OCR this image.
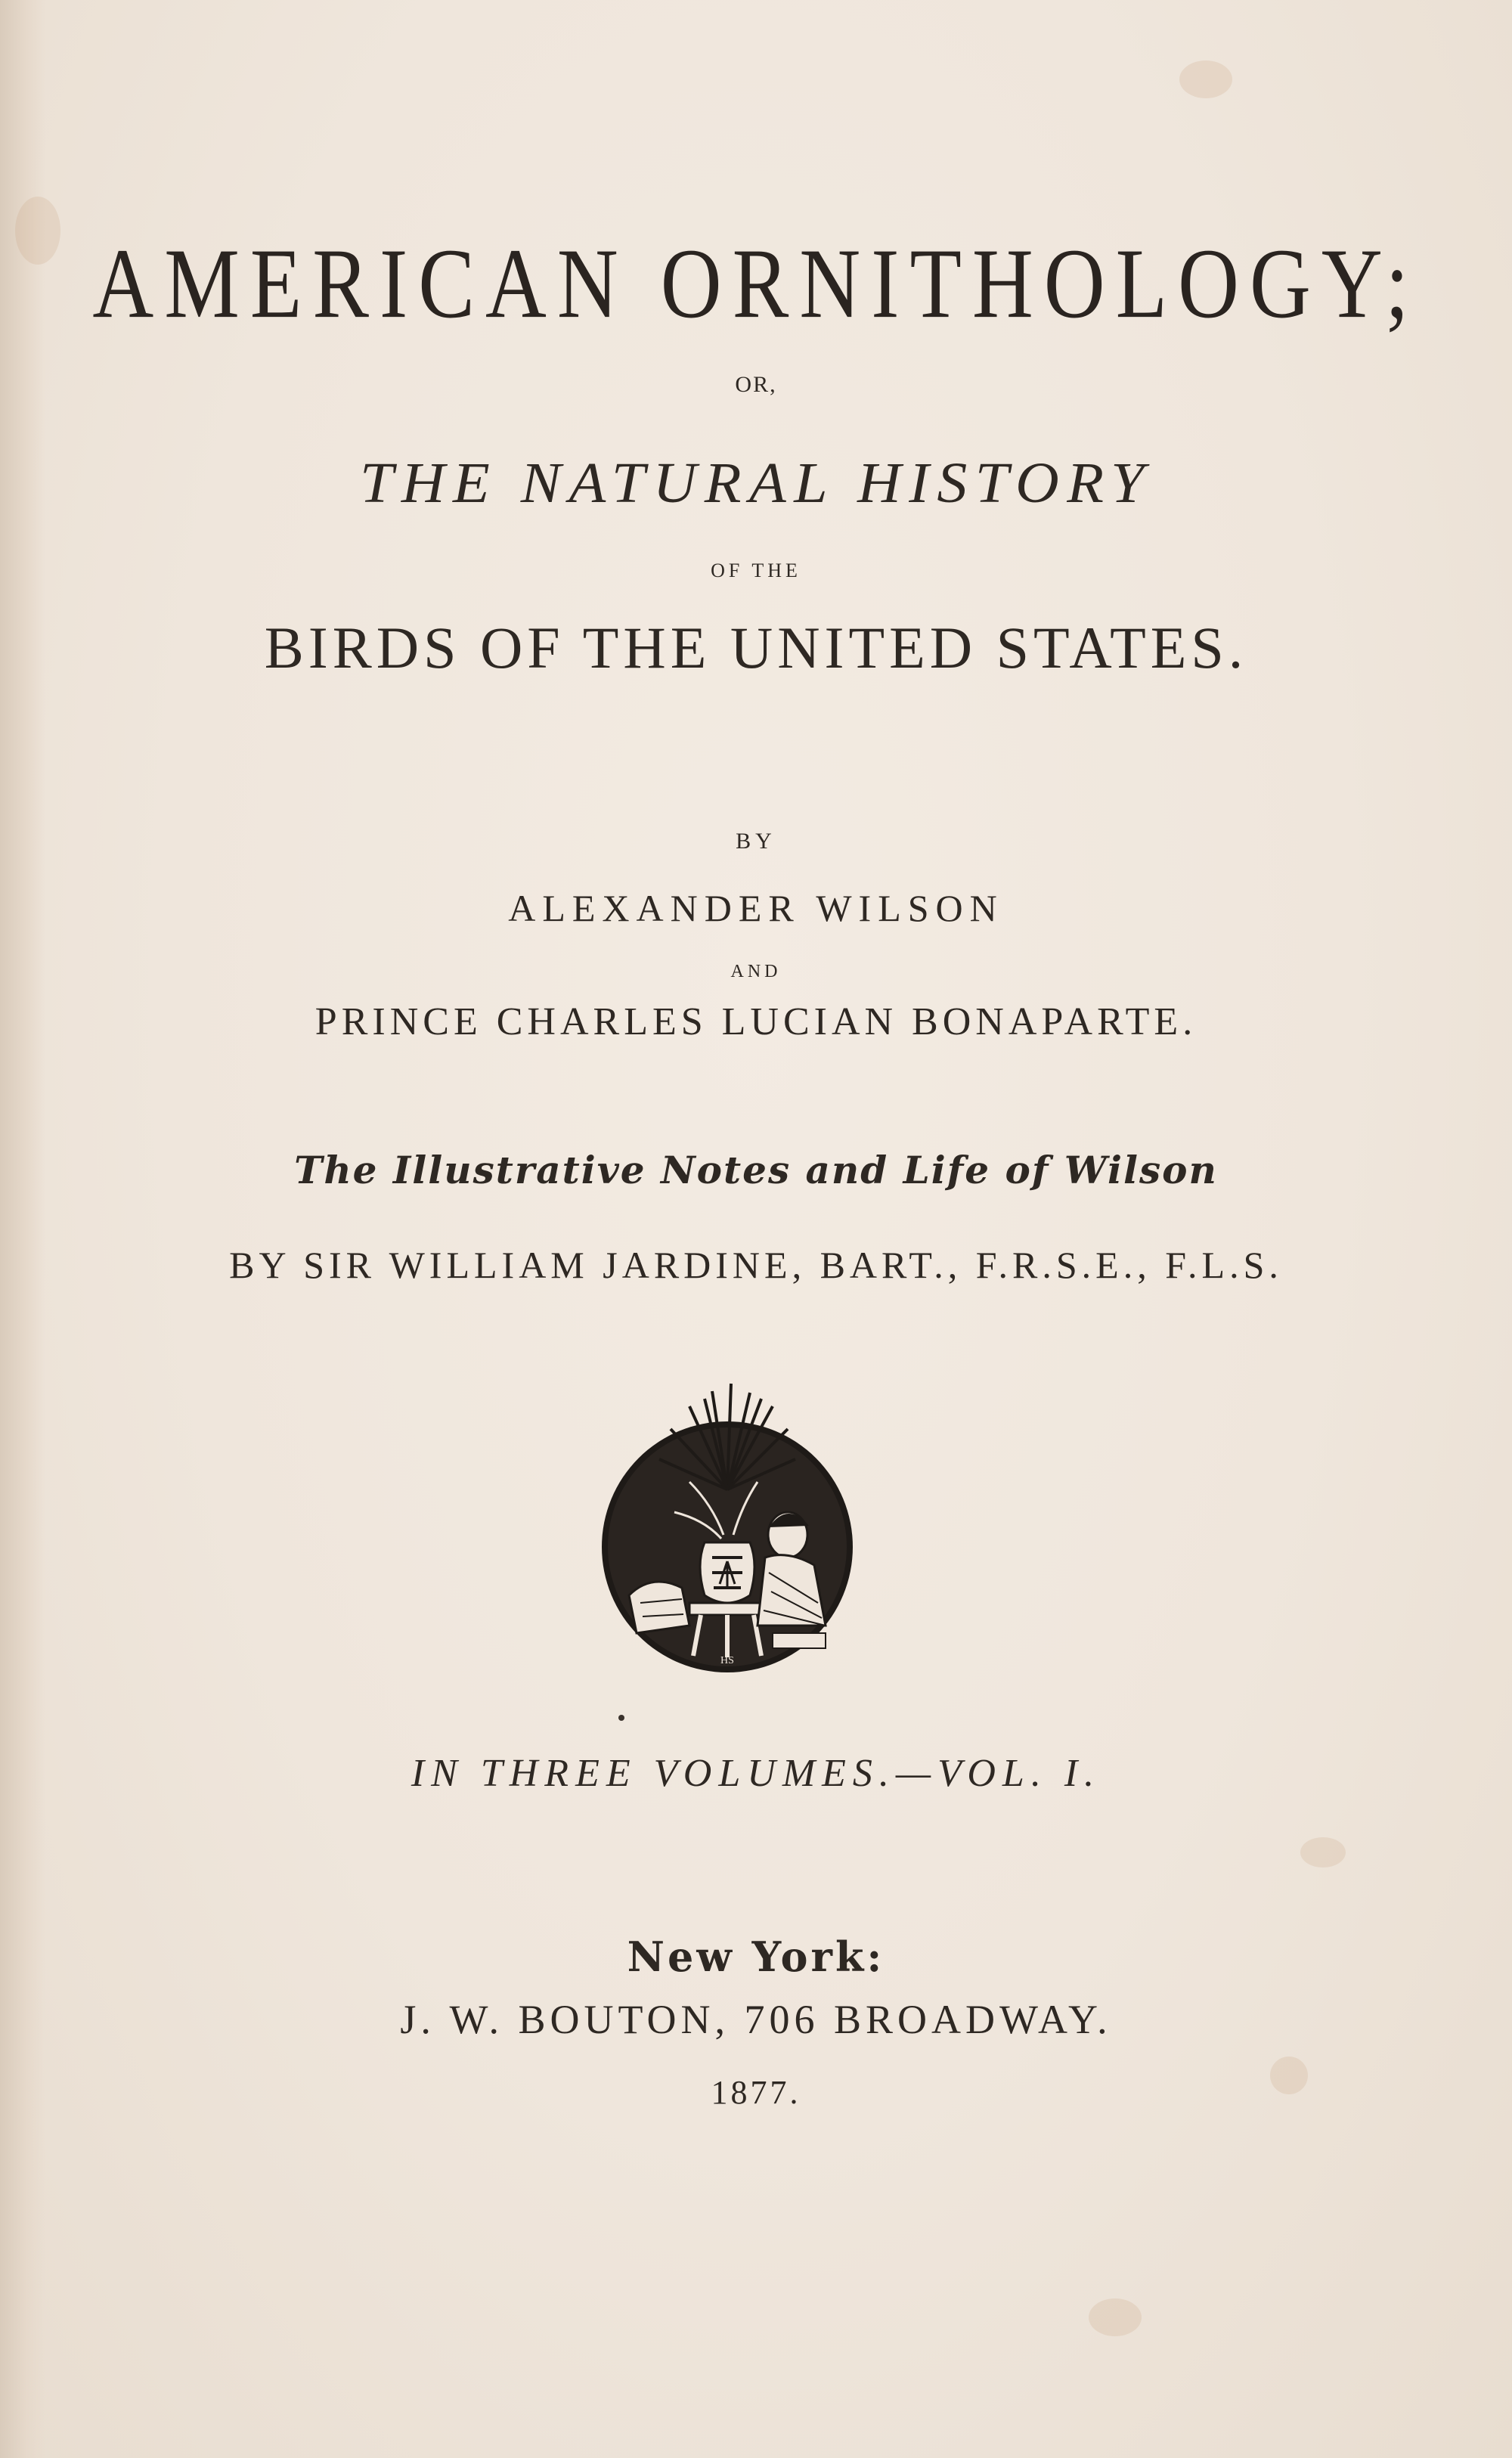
AMERICAN ORNITHOLOGY;
OR,
THE NATURAL HISTORY
OF THE
BIRDS OF THE UNITED STATES.
BY
ALEXANDER WILSON
AND
PRINCE CHARLES LUCIAN BONAPARTE.
The Illustrative Notes and Life of Wilson
BY SIR WILLIAM JARDINE, BART., F.R.S.E., F.L.S.
HS
IN THREE VOLUMES.—VOL. I.
New York:
J. W. BOUTON, 706 BROADWAY.
1877.
